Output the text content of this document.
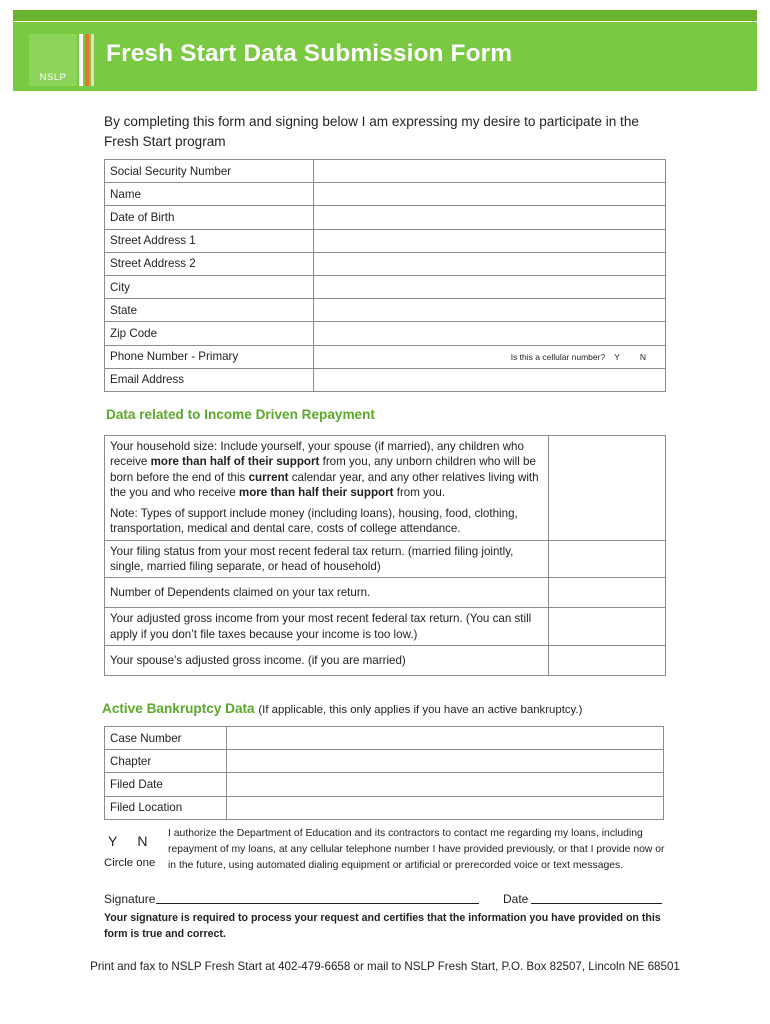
NSLP
Fresh Start Data Submission Form
By completing this form and signing below I am expressing my desire to participate in the Fresh Start program
Social Security Number	
Name	
Date of Birth	
Street Address 1	
Street Address 2	
City	
State	
Zip Code	
Phone Number - Primary	Is this a cellular number? Y N

Email Address	
Data related to Income Driven Repayment

Your household size: Include yourself, your spouse (if married), any children who receive more than half of their support from you, any unborn children who will be born before the end of this current calendar year, and any other relatives living with the you and who receive more than half their support from you.

Note: Types of support include money (including loans), housing, food, clothing, transportation, medical and dental care, costs of college attendance.	

Your filing status from your most recent federal tax return. (married filing jointly, single, married filing separate, or head of household)	
Number of Dependents claimed on your tax return.	
Your adjusted gross income from your most recent federal tax return. (You can still apply if you don’t file taxes because your income is too low.)	
Your spouse’s adjusted gross income. (if you are married)	
Active Bankruptcy Data (If applicable, this only applies if you have an active bankruptcy.)
Case Number	
Chapter	
Filed Date	
Filed Location	
Y N
Circle one
I authorize the Department of Education and its contractors to contact me regarding my loans, including repayment of my loans, at any cellular telephone number I have provided previously, or that I provide now or in the future, using automated dialing equipment or artificial or prerecorded voice or text messages.
Signature	Date
Your signature is required to process your request and certifies that the information you have provided on this form is true and correct.
Print and fax to NSLP Fresh Start at 402-479-6658 or mail to NSLP Fresh Start, P.O. Box 82507, Lincoln NE 68501
